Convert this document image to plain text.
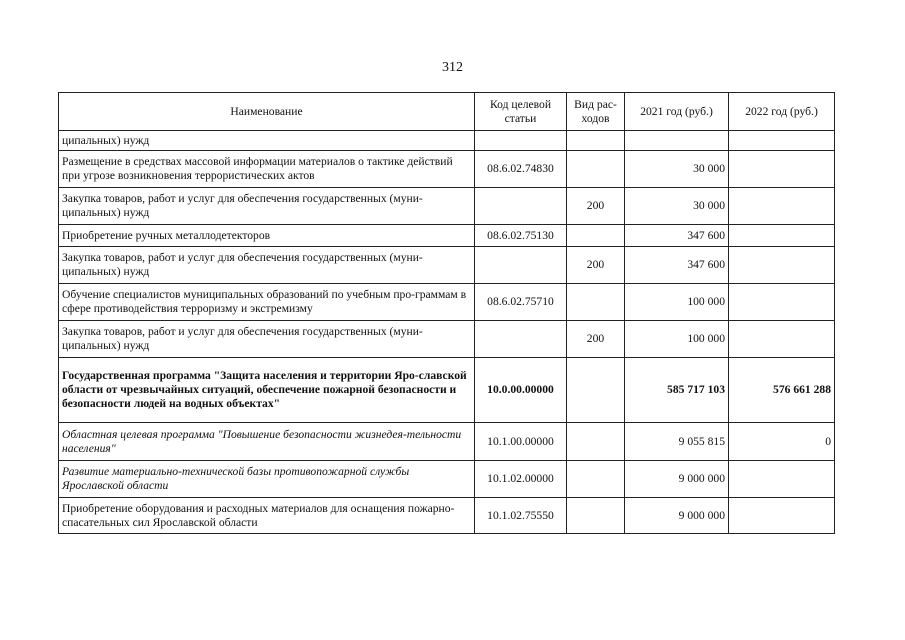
312
Наименование	Код целевой статьи	Вид рас-ходов	2021 год (руб.)	2022 год (руб.)
ципальных) нужд				
Размещение в средствах массовой информации материалов о тактике действий при угрозе возникновения террористических актов	08.6.02.74830		30 000	
Закупка товаров, работ и услуг для обеспечения государственных (муни-ципальных) нужд		200	30 000	
Приобретение ручных металлодетекторов	08.6.02.75130		347 600	
Закупка товаров, работ и услуг для обеспечения государственных (муни-ципальных) нужд		200	347 600	
Обучение специалистов муниципальных образований по учебным про-граммам в сфере противодействия терроризму и экстремизму	08.6.02.75710		100 000	
Закупка товаров, работ и услуг для обеспечения государственных (муни-ципальных) нужд		200	100 000	
Государственная программа "Защита населения и территории Яро-славской области от чрезвычайных ситуаций, обеспечение пожарной безопасности и безопасности людей на водных объектах"	10.0.00.00000		585 717 103	576 661 288
Областная целевая программа "Повышение безопасности жизнедея-тельности населения"	10.1.00.00000		9 055 815	0
Развитие материально-технической базы противопожарной службы Ярославской области	10.1.02.00000		9 000 000	
Приобретение оборудования и расходных материалов для оснащения пожарно-спасательных сил Ярославской области	10.1.02.75550		9 000 000	
